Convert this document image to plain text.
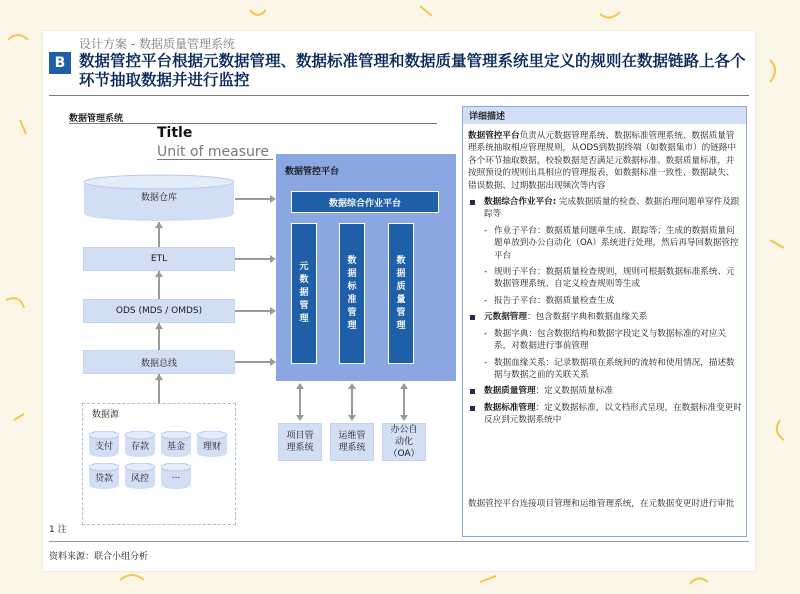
设计方案 - 数据质量管理系统
B 数据管控平台根据元数据管理、数据标准管理和数据质量管理系统里定义的规则在数据链路上各个环节抽取数据并进行监控
数据管理系统
Title
Unit of measure
数据仓库
ETL
ODS (MDS / OMDS)
数据总线
数据源
支付	存款	基金	理财
贷款	风控	...
数据管控平台
数据综合作业平台
元
数
据
管
理
数
据
标
准
管
理
数
据
质
量
管
理
项目管
理系统
运维管
理系统
办公自
动化
（OA）
详细描述

数据管控平台负责从元数据管理系统、数据标准管理系统、数据质量管理系统抽取相应管理规则，从ODS到数据终端（如数据集市）的链路中各个环节抽取数据，校验数据是否满足元数据标准、数据质量标准，并按照预设的规则出具相应的管理报表，如数据标准一致性、数据缺失、错误数据、过期数据出现频次等内容

数据综合作业平台: 完成数据质量的检查、数据治理问题单穿件及跟踪等
- 作业子平台：数据质量问题单生成、跟踪等；生成的数据质量问题单放到办公自动化（OA）系统进行处理，然后再导回数据管控平台
- 规则子平台：数据质量检查规则，规则可根据数据标准系统、元数据管理系统、自定义检查规则等生成
- 报告子平台：数据质量检查生成
元数据管理：包含数据字典和数据血缘关系
- 数据字典：包含数据结构和数据字段定义与数据标准的对应关系，对数据进行事前管理
- 数据血缘关系：记录数据项在系统间的流转和使用情况，描述数据与数据之前的关联关系
数据质量管理：定义数据质量标准
数据标准管理：定义数据标准，以文档形式呈现，在数据标准变更时反应到元数据系统中
数据管控平台连接项目管理和运维管理系统，在元数据变更时进行审批
1 注
资料来源：联合小组分析
